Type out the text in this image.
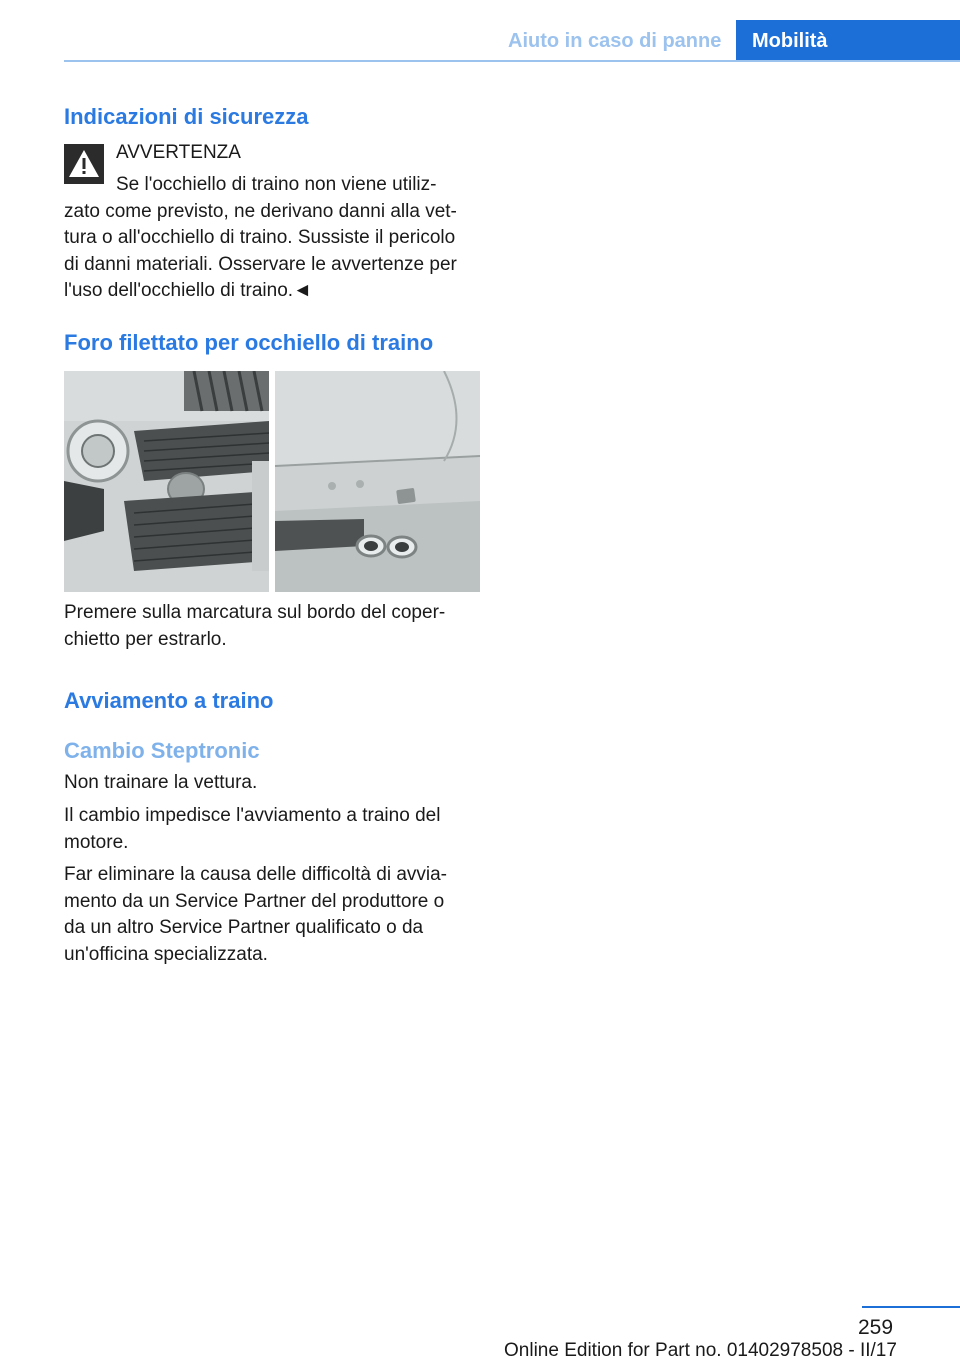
Aiuto in caso di panne Mobilità
Indicazioni di sicurezza
AVVERTENZA
Se l'occhiello di traino non viene utiliz‐
zato come previsto, ne derivano danni alla vet‐
tura o all'occhiello di traino. Sussiste il pericolo
di danni materiali. Osservare le avvertenze per
l'uso dell'occhiello di traino.◄
Foro filettato per occhiello di traino
Premere sulla marcatura sul bordo del coper‐
chietto per estrarlo.
Avviamento a traino
Cambio Steptronic
Non trainare la vettura.
Il cambio impedisce l'avviamento a traino del
motore.
Far eliminare la causa delle difficoltà di avvia‐
mento da un Service Partner del produttore o
da un altro Service Partner qualificato o da
un'officina specializzata.
259
Online Edition for Part no. 01402978508 - II/17
